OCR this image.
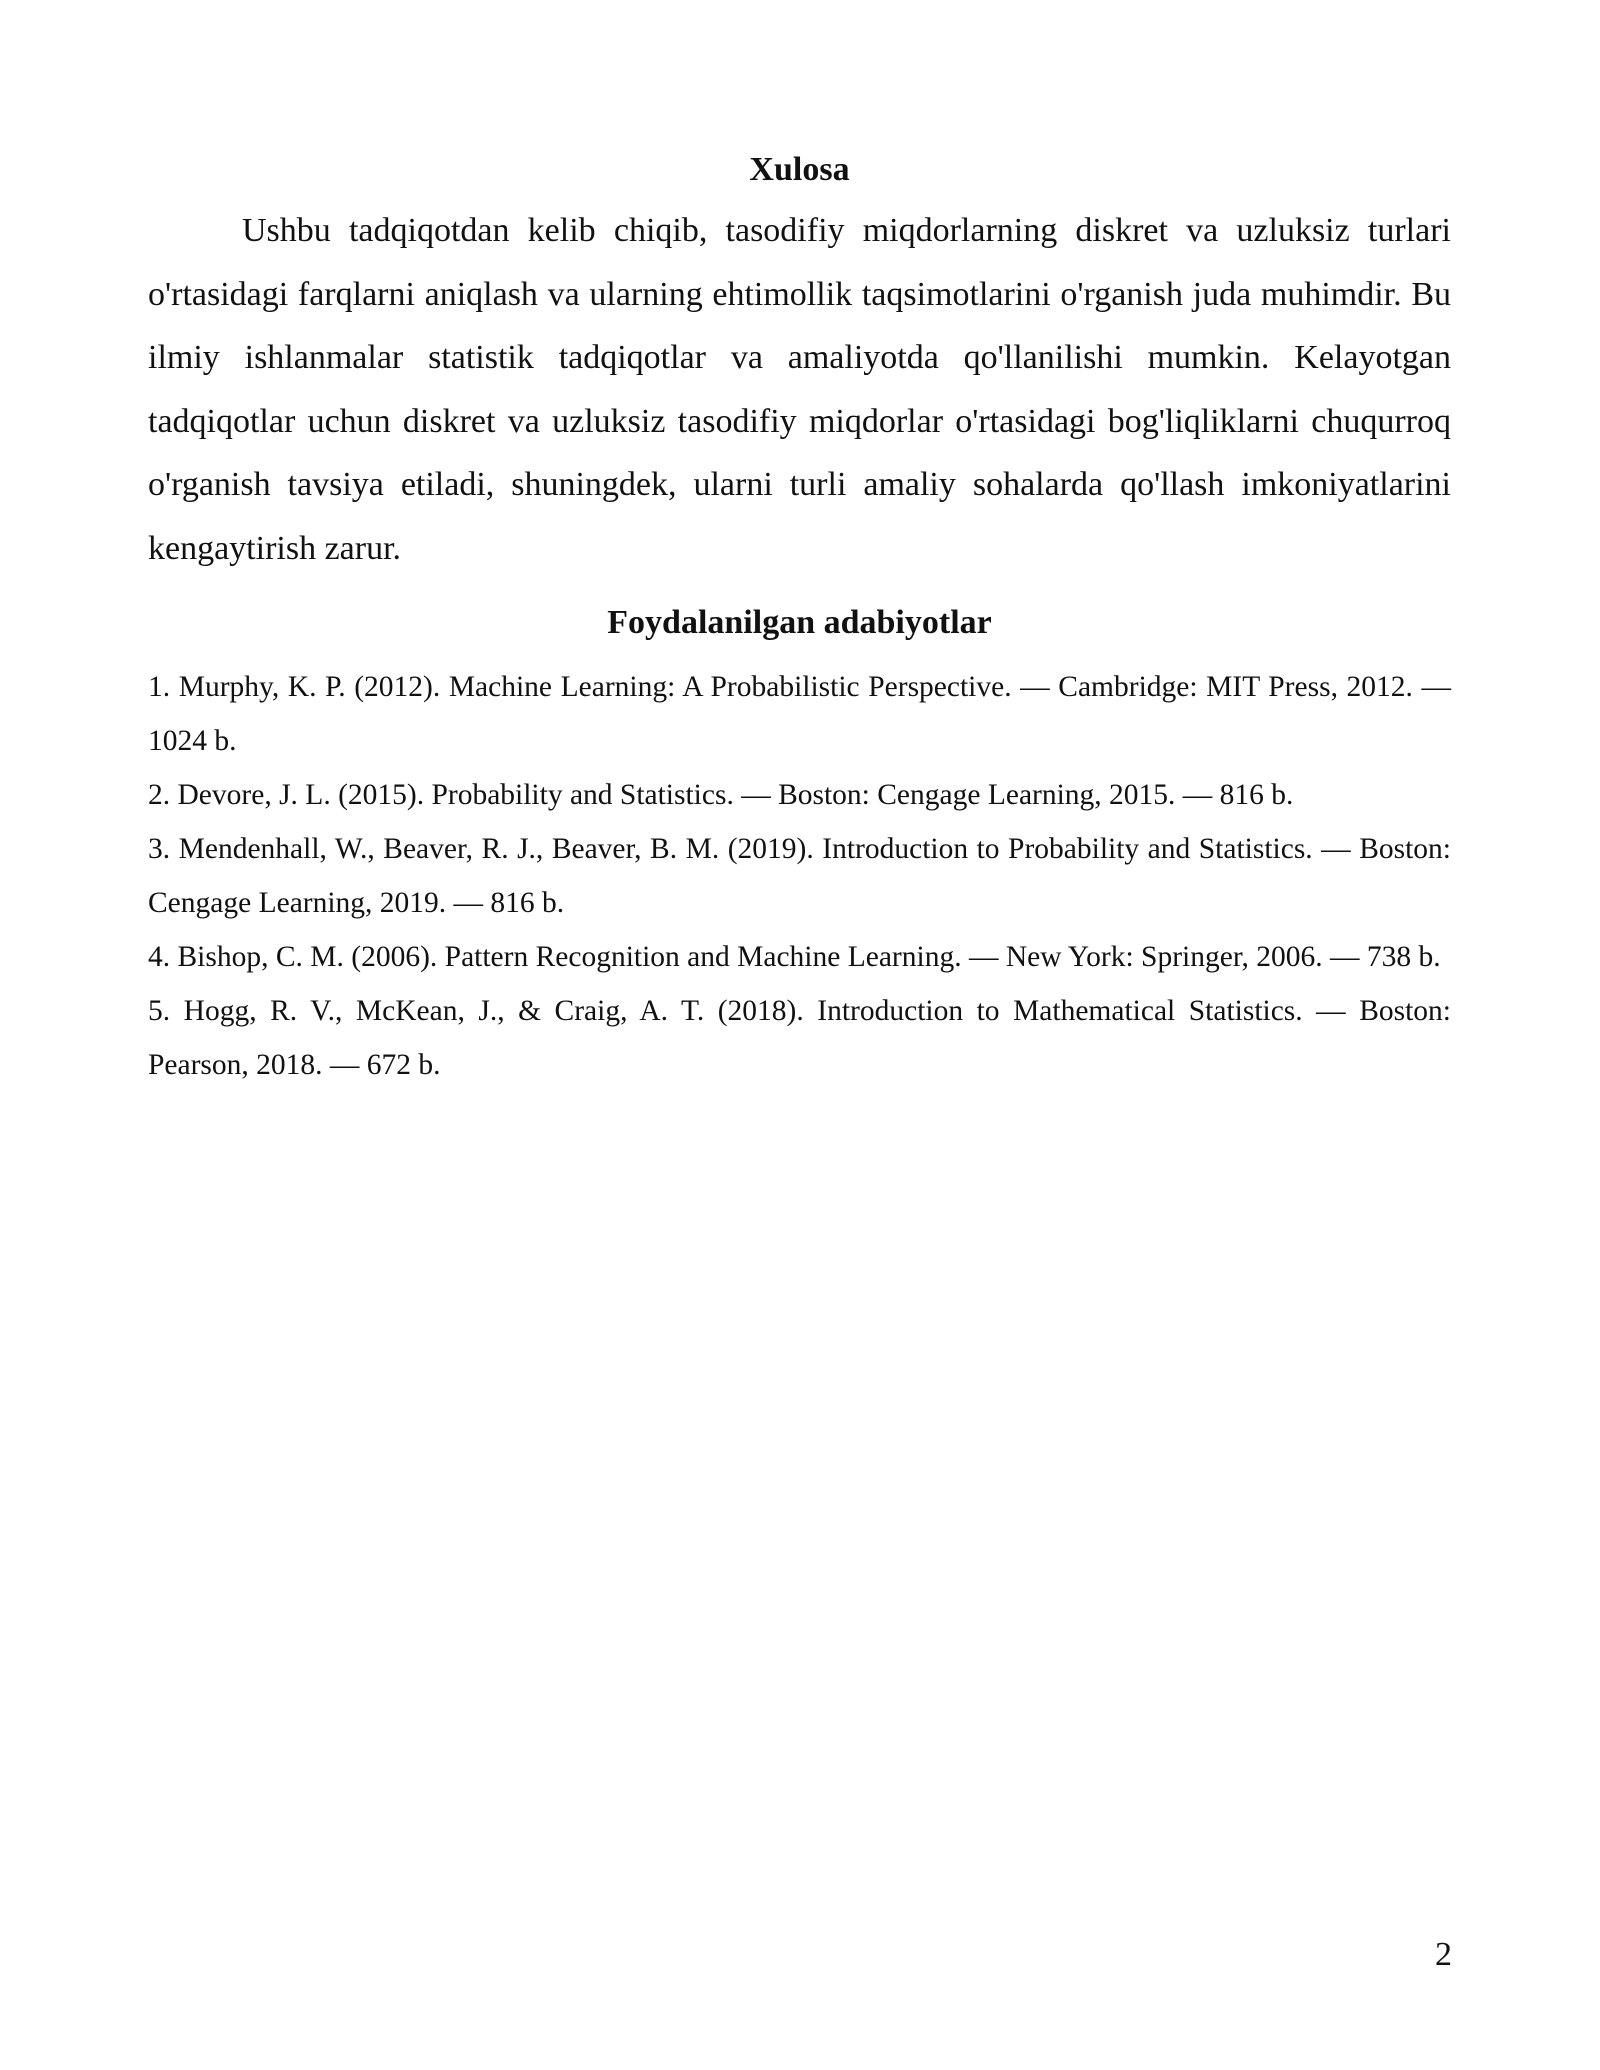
Xulosa

Ushbu tadqiqotdan kelib chiqib, tasodifiy miqdorlarning diskret va uzluksiz turlari o'rtasidagi farqlarni aniqlash va ularning ehtimollik taqsimotlarini o'rganish juda muhimdir. Bu ilmiy ishlanmalar statistik tadqiqotlar va amaliyotda qo'llanilishi mumkin. Kelayotgan tadqiqotlar uchun diskret va uzluksiz tasodifiy miqdorlar o'rtasidagi bog'liqliklarni chuqurroq o'rganish tavsiya etiladi, shuningdek, ularni turli amaliy sohalarda qo'llash imkoniyatlarini kengaytirish zarur.

Foydalanilgan adabiyotlar
1. Murphy, K. P. (2012). Machine Learning: A Probabilistic Perspective. — Cambridge: MIT Press, 2012. — 1024 b.
2. Devore, J. L. (2015). Probability and Statistics. — Boston: Cengage Learning, 2015. — 816 b.
3. Mendenhall, W., Beaver, R. J., Beaver, B. M. (2019). Introduction to Probability and Statistics. — Boston: Cengage Learning, 2019. — 816 b.
4. Bishop, C. M. (2006). Pattern Recognition and Machine Learning. — New York: Springer, 2006. — 738 b.
5. Hogg, R. V., McKean, J., & Craig, A. T. (2018). Introduction to Mathematical Statistics. — Boston: Pearson, 2018. — 672 b.
2
